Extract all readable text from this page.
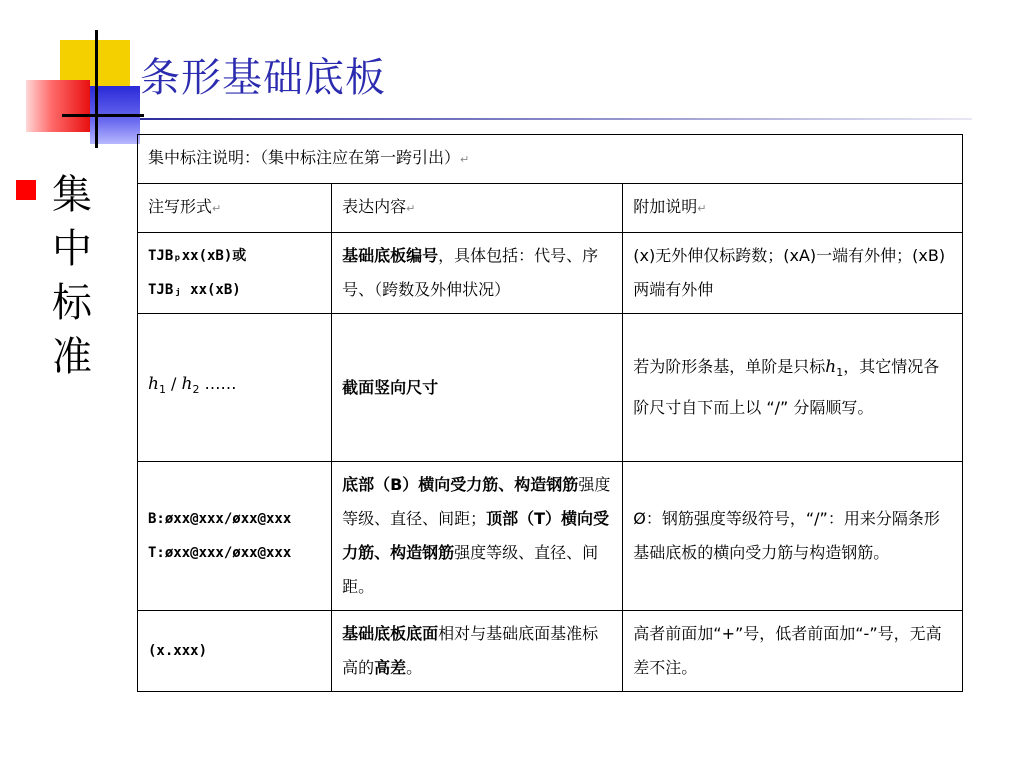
条形基础底板
集
中
标
准
集中标注说明：（集中标注应在第一跨引出）↵		
注写形式↵	表达内容↵	附加说明↵

TJBₚxx(xB)或
TJBⱼ xx(xB)	基础底板编号，具体包括：代号、序号、（跨数及外伸状况）	(x)无外伸仅标跨数；(xA)一端有外伸；(xB)两端有外伸
$h_1 / h_2$ ……	截面竖向尺寸	若为阶形条基，单阶是只标$h_1$，其它情况各阶尺寸自下而上以 “/” 分隔顺写。

B:øxx@xxx/øxx@xxx
T:øxx@xxx/øxx@xxx	底部（B）横向受力筋、构造钢筋强度等级、直径、间距；顶部（T）横向受力筋、构造钢筋强度等级、直径、间距。	Ø：钢筋强度等级符号，“/”：用来分隔条形基础底板的横向受力筋与构造钢筋。

(x.xxx)	基础底板底面相对与基础底面基准标高的高差。	高者前面加“+”号，低者前面加“-”号，无高差不注。
